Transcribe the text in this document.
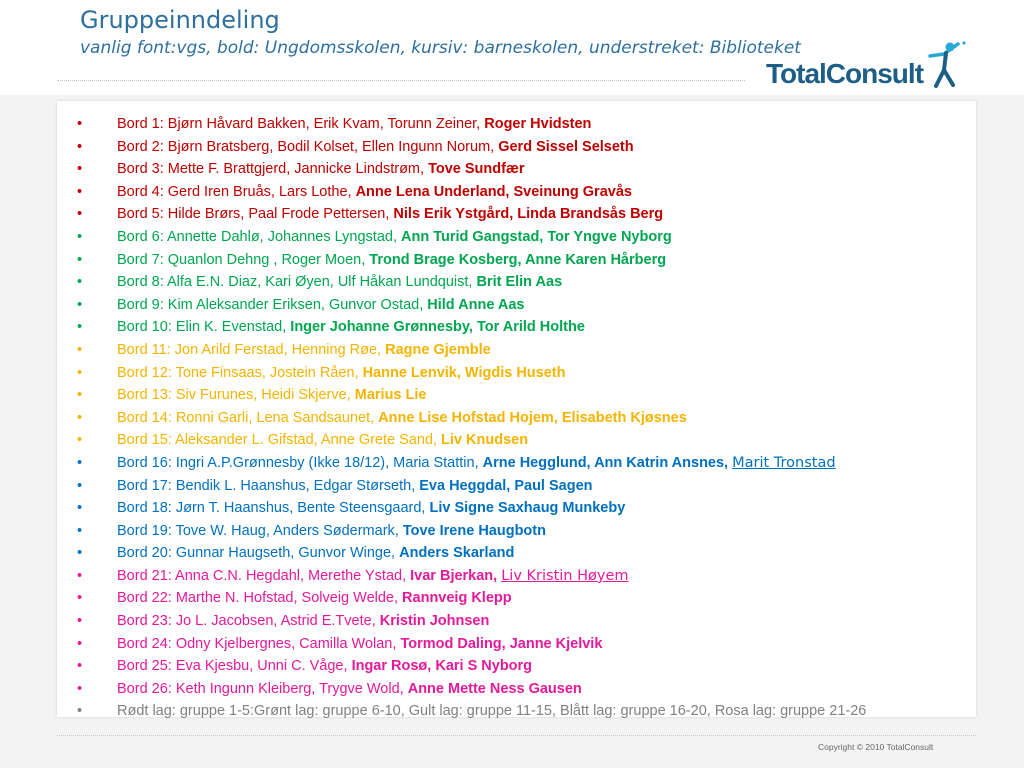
Gruppeinndeling
vanlig font:vgs, bold: Ungdomsskolen, kursiv: barneskolen, understreket: Biblioteket
TotalConsult
• Bord 1: Bjørn Håvard Bakken, Erik Kvam, Torunn Zeiner, Roger Hvidsten
• Bord 2: Bjørn Bratsberg, Bodil Kolset, Ellen Ingunn Norum, Gerd Sissel Selseth
• Bord 3: Mette F. Brattgjerd, Jannicke Lindstrøm, Tove Sundfær
• Bord 4: Gerd Iren Bruås, Lars Lothe, Anne Lena Underland, Sveinung Gravås
• Bord 5: Hilde Brørs, Paal Frode Pettersen, Nils Erik Ystgård, Linda Brandsås Berg
• Bord 6: Annette Dahlø, Johannes Lyngstad, Ann Turid Gangstad, Tor Yngve Nyborg
• Bord 7: Quanlon Dehng , Roger Moen, Trond Brage Kosberg, Anne Karen Hårberg
• Bord 8: Alfa E.N. Diaz, Kari Øyen, Ulf Håkan Lundquist, Brit Elin Aas
• Bord 9: Kim Aleksander Eriksen, Gunvor Ostad, Hild Anne Aas
• Bord 10: Elin K. Evenstad, Inger Johanne Grønnesby, Tor Arild Holthe
• Bord 11: Jon Arild Ferstad, Henning Røe, Ragne Gjemble
• Bord 12: Tone Finsaas, Jostein Råen, Hanne Lenvik, Wigdis Huseth
• Bord 13: Siv Furunes, Heidi Skjerve, Marius Lie
• Bord 14: Ronni Garli, Lena Sandsaunet, Anne Lise Hofstad Hojem, Elisabeth Kjøsnes
• Bord 15: Aleksander L. Gifstad, Anne Grete Sand, Liv Knudsen
• Bord 16: Ingri A.P.Grønnesby (Ikke 18/12), Maria Stattin, Arne Hegglund, Ann Katrin Ansnes, Marit Tronstad
• Bord 17: Bendik L. Haanshus, Edgar Størseth, Eva Heggdal, Paul Sagen
• Bord 18: Jørn T. Haanshus, Bente Steensgaard, Liv Signe Saxhaug Munkeby
• Bord 19: Tove W. Haug, Anders Sødermark, Tove Irene Haugbotn
• Bord 20: Gunnar Haugseth, Gunvor Winge, Anders Skarland
• Bord 21: Anna C.N. Hegdahl, Merethe Ystad, Ivar Bjerkan, Liv Kristin Høyem
• Bord 22: Marthe N. Hofstad, Solveig Welde, Rannveig Klepp
• Bord 23: Jo L. Jacobsen, Astrid E.Tvete, Kristin Johnsen
• Bord 24: Odny Kjelbergnes, Camilla Wolan, Tormod Daling, Janne Kjelvik
• Bord 25: Eva Kjesbu, Unni C. Våge, Ingar Rosø, Kari S Nyborg
• Bord 26: Keth Ingunn Kleiberg, Trygve Wold, Anne Mette Ness Gausen
• Rødt lag: gruppe 1-5:Grønt lag: gruppe 6-10, Gult lag: gruppe 11-15, Blått lag: gruppe 16-20, Rosa lag: gruppe 21-26
Copyright © 2010 TotalConsult
